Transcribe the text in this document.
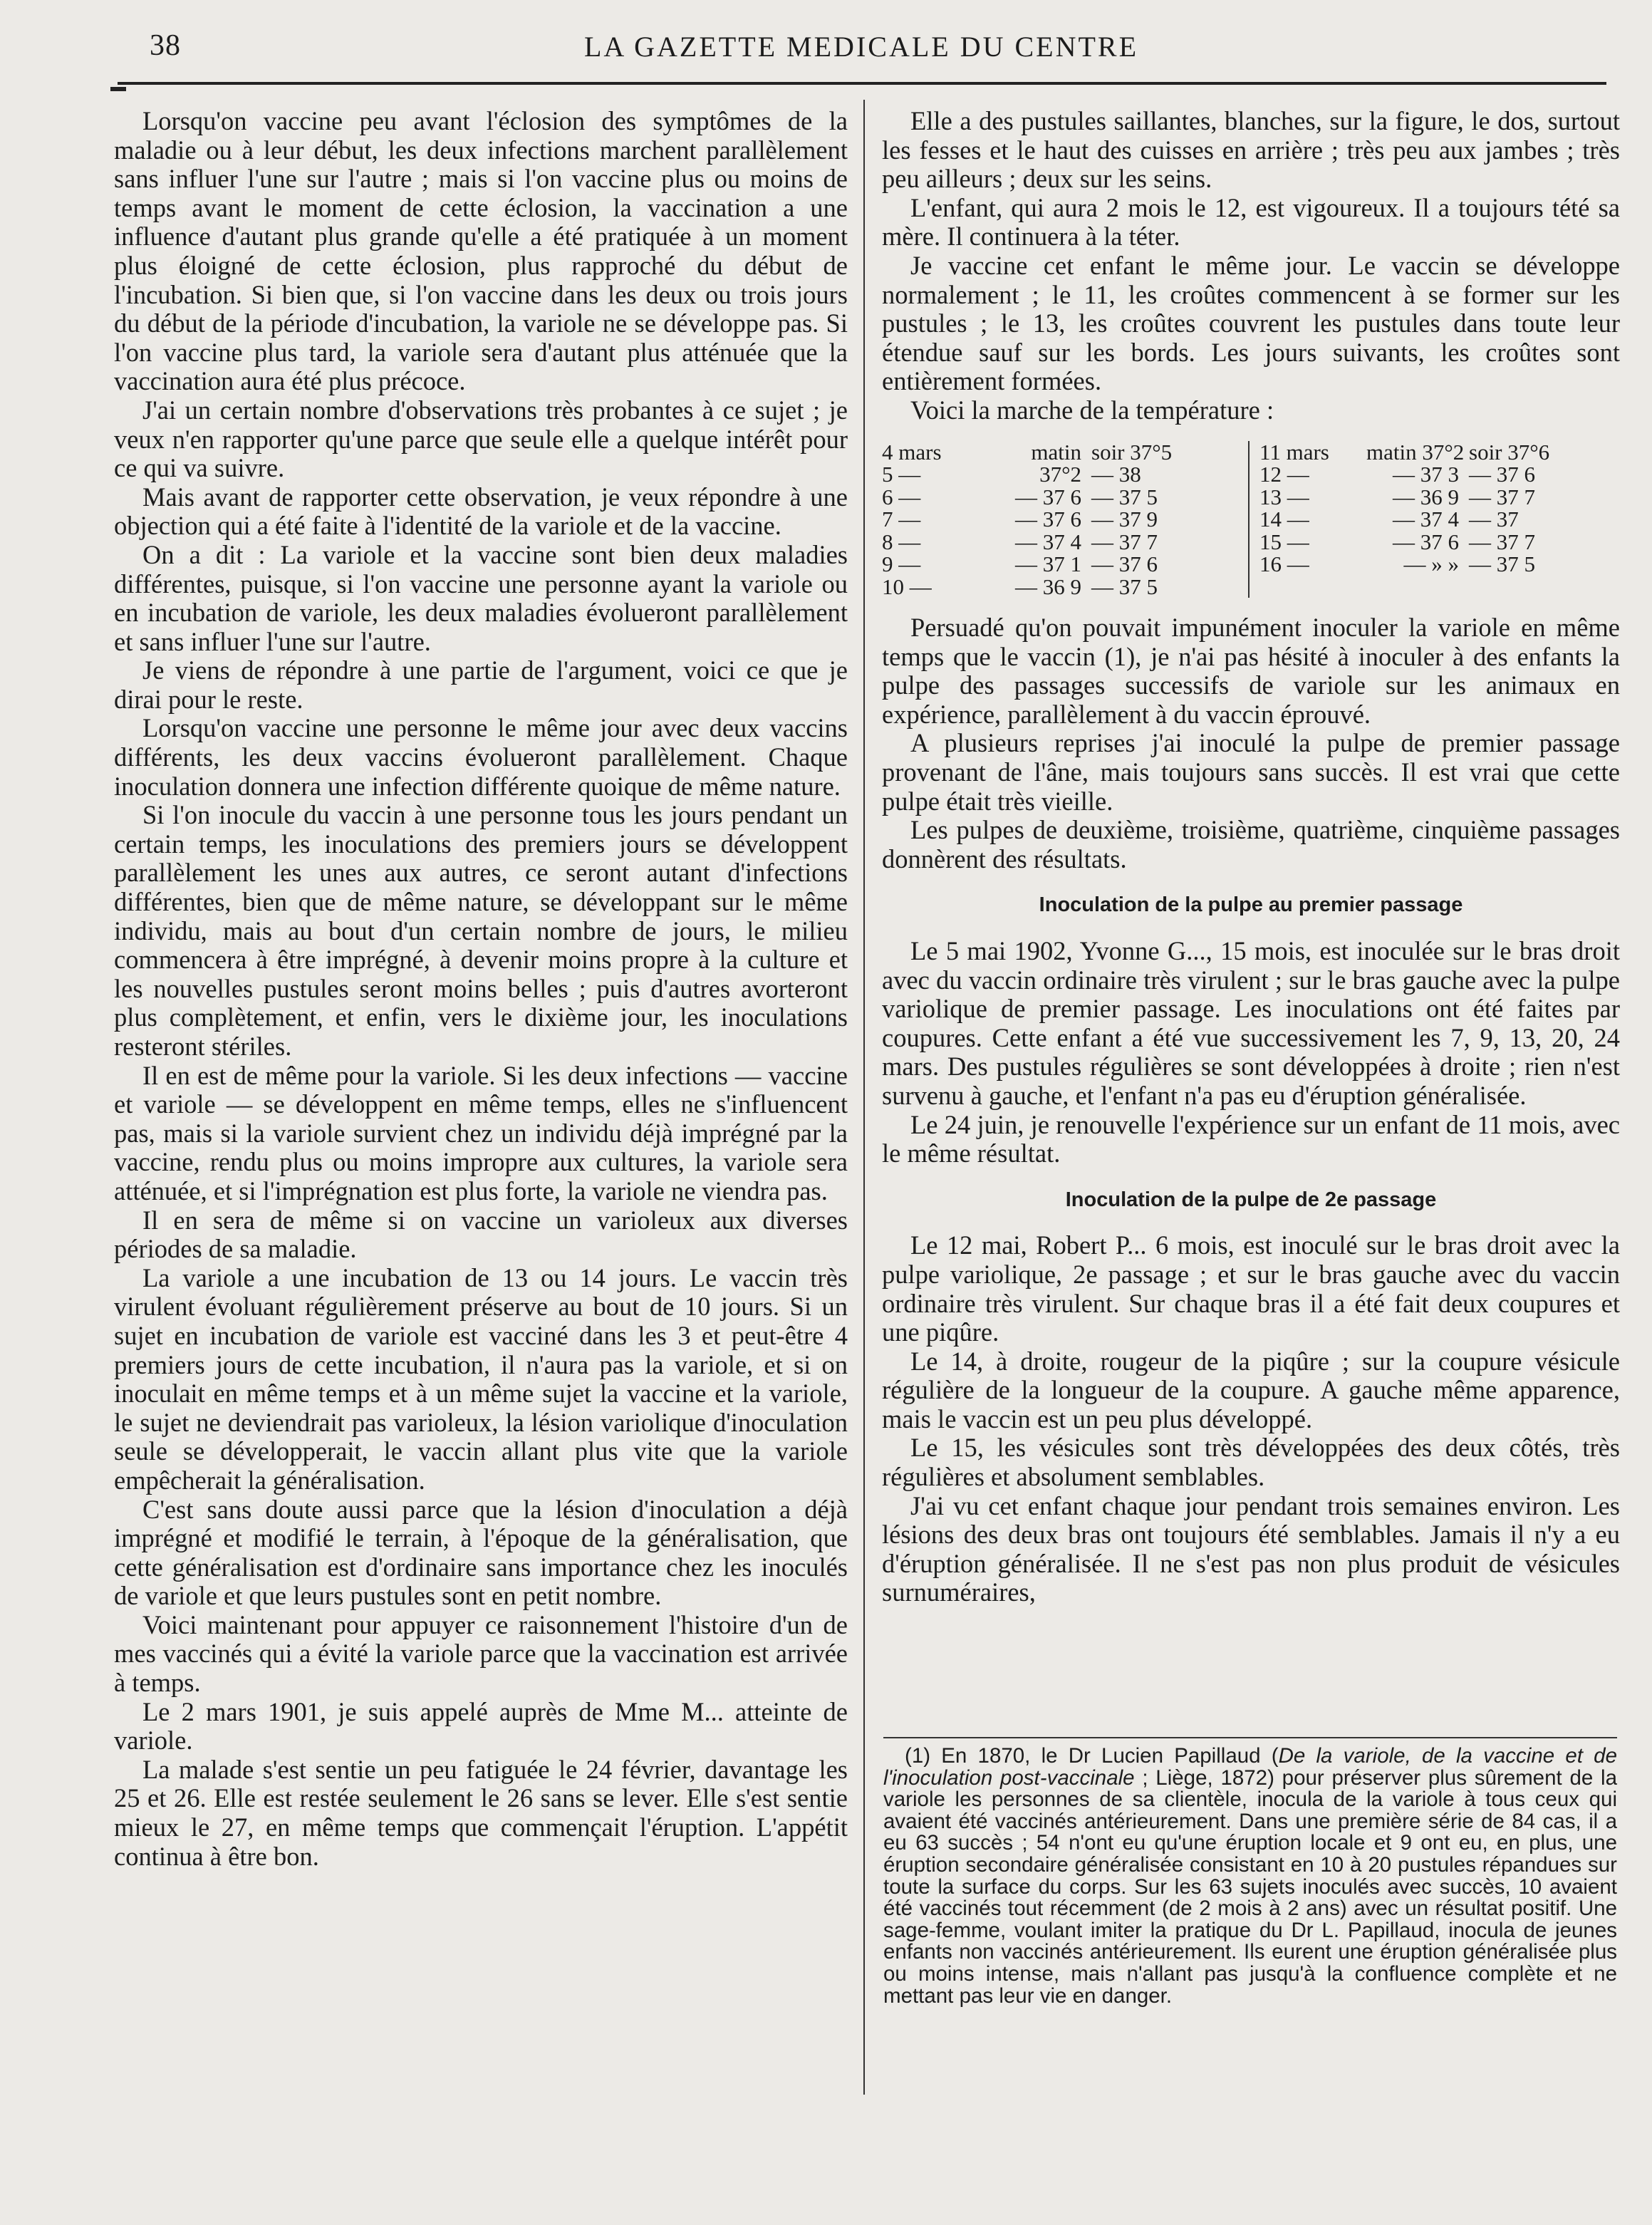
38	LA GAZETTE MEDICALE DU CENTRE

Lorsqu'on vaccine peu avant l'éclosion des symptômes de la maladie ou à leur début, les deux infections marchent parallèlement sans influer l'une sur l'autre ; mais si l'on vaccine plus ou moins de temps avant le moment de cette éclosion, la vaccination a une influence d'autant plus grande qu'elle a été pratiquée à un moment plus éloigné de cette éclosion, plus rapproché du début de l'incubation. Si bien que, si l'on vaccine dans les deux ou trois jours du début de la période d'incubation, la variole ne se développe pas. Si l'on vaccine plus tard, la variole sera d'autant plus atténuée que la vaccination aura été plus précoce.

J'ai un certain nombre d'observations très probantes à ce sujet ; je veux n'en rapporter qu'une parce que seule elle a quelque intérêt pour ce qui va suivre.

Mais avant de rapporter cette observation, je veux répondre à une objection qui a été faite à l'identité de la variole et de la vaccine.

On a dit : La variole et la vaccine sont bien deux maladies différentes, puisque, si l'on vaccine une personne ayant la variole ou en incubation de variole, les deux maladies évolueront parallèlement et sans influer l'une sur l'autre.

Je viens de répondre à une partie de l'argument, voici ce que je dirai pour le reste.

Lorsqu'on vaccine une personne le même jour avec deux vaccins différents, les deux vaccins évolueront parallèlement. Chaque inoculation donnera une infection différente quoique de même nature.

Si l'on inocule du vaccin à une personne tous les jours pendant un certain temps, les inoculations des premiers jours se développent parallèlement les unes aux autres, ce seront autant d'infections différentes, bien que de même nature, se développant sur le même individu, mais au bout d'un certain nombre de jours, le milieu commencera à être imprégné, à devenir moins propre à la culture et les nouvelles pustules seront moins belles ; puis d'autres avorteront plus complètement, et enfin, vers le dixième jour, les inoculations resteront stériles.

Il en est de même pour la variole. Si les deux infections — vaccine et variole — se développent en même temps, elles ne s'influencent pas, mais si la variole survient chez un individu déjà imprégné par la vaccine, rendu plus ou moins impropre aux cultures, la variole sera atténuée, et si l'imprégnation est plus forte, la variole ne viendra pas.

Il en sera de même si on vaccine un varioleux aux diverses périodes de sa maladie.

La variole a une incubation de 13 ou 14 jours. Le vaccin très virulent évoluant régulièrement préserve au bout de 10 jours. Si un sujet en incubation de variole est vacciné dans les 3 et peut-être 4 premiers jours de cette incubation, il n'aura pas la variole, et si on inoculait en même temps et à un même sujet la vaccine et la variole, le sujet ne deviendrait pas varioleux, la lésion variolique d'inoculation seule se développerait, le vaccin allant plus vite que la variole empêcherait la généralisation.

C'est sans doute aussi parce que la lésion d'inoculation a déjà imprégné et modifié le terrain, à l'époque de la généralisation, que cette généralisation est d'ordinaire sans importance chez les inoculés de variole et que leurs pustules sont en petit nombre.

Voici maintenant pour appuyer ce raisonnement l'histoire d'un de mes vaccinés qui a évité la variole parce que la vaccination est arrivée à temps.

Le 2 mars 1901, je suis appelé auprès de Mme M... atteinte de variole.

La malade s'est sentie un peu fatiguée le 24 février, davantage les 25 et 26. Elle est restée seulement le 26 sans se lever. Elle s'est sentie mieux le 27, en même temps que commençait l'éruption. L'appétit continua à être bon.

Elle a des pustules saillantes, blanches, sur la figure, le dos, surtout les fesses et le haut des cuisses en arrière ; très peu aux jambes ; très peu ailleurs ; deux sur les seins.

L'enfant, qui aura 2 mois le 12, est vigoureux. Il a toujours tété sa mère. Il continuera à la téter.

Je vaccine cet enfant le même jour. Le vaccin se développe normalement ; le 11, les croûtes commencent à se former sur les pustules ; le 13, les croûtes couvrent les pustules dans toute leur étendue sauf sur les bords. Les jours suivants, les croûtes sont entièrement formées.

Voici la marche de la température :

4 mars	matin soir 37°5
5 —	37°2 — 38
6 —	— 37 6 — 37 5
7 —	— 37 6 — 37 9
8 —	— 37 4 — 37 7
9 —	— 37 1 — 37 6
10 —	— 36 9 — 37 5
11 mars	matin 37°2 soir 37°6
12 —	— 37 3 — 37 6
13 —	— 36 9 — 37 7
14 —	— 37 4 — 37
15 —	— 37 6 — 37 7
16 —	— » » — 37 5

Persuadé qu'on pouvait impunément inoculer la variole en même temps que le vaccin (1), je n'ai pas hésité à inoculer à des enfants la pulpe des passages successifs de variole sur les animaux en expérience, parallèlement à du vaccin éprouvé.

A plusieurs reprises j'ai inoculé la pulpe de premier passage provenant de l'âne, mais toujours sans succès. Il est vrai que cette pulpe était très vieille.

Les pulpes de deuxième, troisième, quatrième, cinquième passages donnèrent des résultats.

Inoculation de la pulpe au premier passage

Le 5 mai 1902, Yvonne G..., 15 mois, est inoculée sur le bras droit avec du vaccin ordinaire très virulent ; sur le bras gauche avec la pulpe variolique de premier passage. Les inoculations ont été faites par coupures. Cette enfant a été vue successivement les 7, 9, 13, 20, 24 mars. Des pustules régulières se sont développées à droite ; rien n'est survenu à gauche, et l'enfant n'a pas eu d'éruption généralisée.

Le 24 juin, je renouvelle l'expérience sur un enfant de 11 mois, avec le même résultat.

Inoculation de la pulpe de 2e passage

Le 12 mai, Robert P... 6 mois, est inoculé sur le bras droit avec la pulpe variolique, 2e passage ; et sur le bras gauche avec du vaccin ordinaire très virulent. Sur chaque bras il a été fait deux coupures et une piqûre.

Le 14, à droite, rougeur de la piqûre ; sur la coupure vésicule régulière de la longueur de la coupure. A gauche même apparence, mais le vaccin est un peu plus développé.

Le 15, les vésicules sont très développées des deux côtés, très régulières et absolument semblables.

J'ai vu cet enfant chaque jour pendant trois semaines environ. Les lésions des deux bras ont toujours été semblables. Jamais il n'y a eu d'éruption généralisée. Il ne s'est pas non plus produit de vésicules surnuméraires,

(1) En 1870, le Dr Lucien Papillaud (De la variole, de la vaccine et de l'inoculation post-vaccinale ; Liège, 1872) pour préserver plus sûrement de la variole les personnes de sa clientèle, inocula de la variole à tous ceux qui avaient été vaccinés antérieurement. Dans une première série de 84 cas, il a eu 63 succès ; 54 n'ont eu qu'une éruption locale et 9 ont eu, en plus, une éruption secondaire généralisée consistant en 10 à 20 pustules répandues sur toute la surface du corps. Sur les 63 sujets inoculés avec succès, 10 avaient été vaccinés tout récemment (de 2 mois à 2 ans) avec un résultat positif. Une sage-femme, voulant imiter la pratique du Dr L. Papillaud, inocula de jeunes enfants non vaccinés antérieurement. Ils eurent une éruption généralisée plus ou moins intense, mais n'allant pas jusqu'à la confluence complète et ne mettant pas leur vie en danger.
